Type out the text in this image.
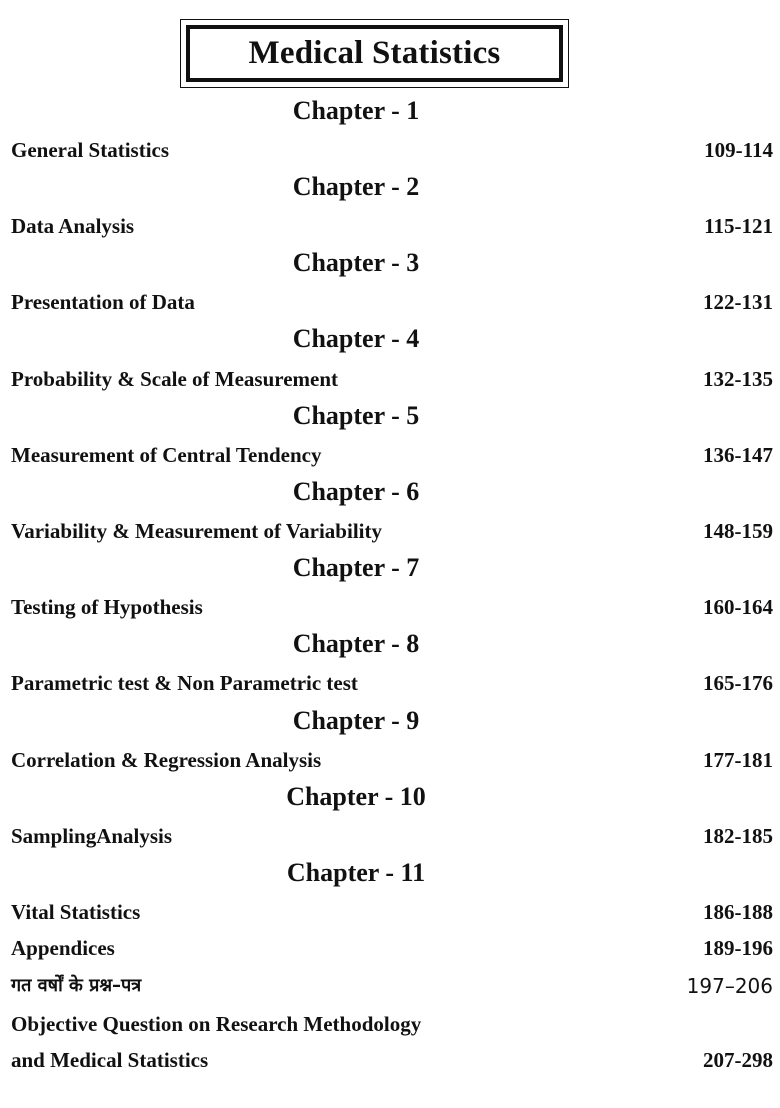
Medical Statistics
Chapter - 1
General Statistics	109-114
Chapter - 2
Data Analysis	115-121
Chapter - 3
Presentation of Data	122-131
Chapter - 4
Probability & Scale of Measurement	132-135
Chapter - 5
Measurement of Central Tendency	136-147
Chapter - 6
Variability & Measurement of Variability	148-159
Chapter - 7
Testing of Hypothesis	160-164
Chapter - 8
Parametric test & Non Parametric test	165-176
Chapter - 9
Correlation & Regression Analysis	177-181
Chapter - 10
SamplingAnalysis	182-185
Chapter - 11
Vital Statistics	186-188
Appendices	189-196
गत वर्षों के प्रश्न–पत्र	197–206
Objective Question on Research Methodology
and Medical Statistics	207-298
